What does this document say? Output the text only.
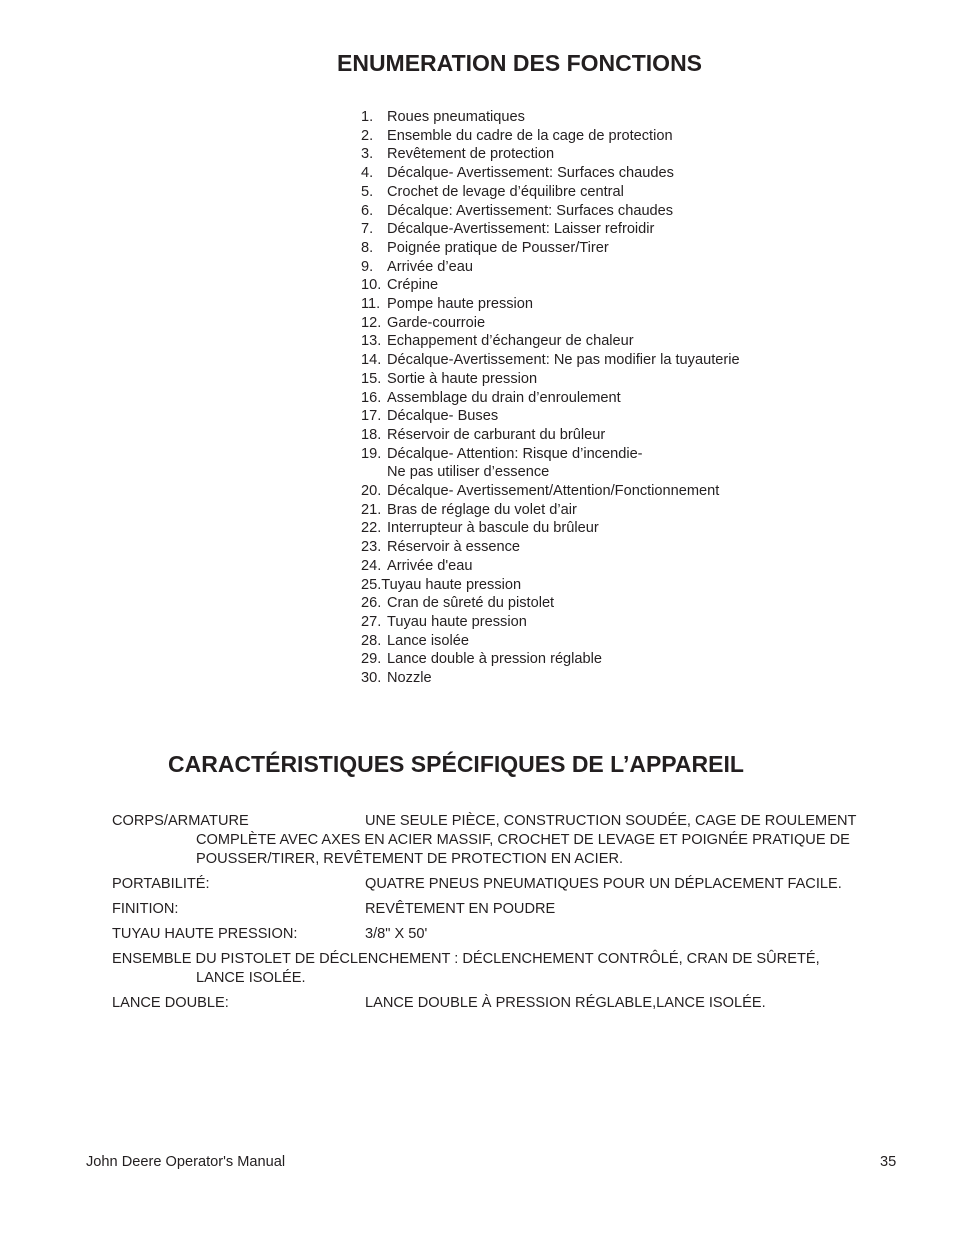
ENUMERATION DES FONCTIONS
1. Roues pneumatiques
2. Ensemble du cadre de la cage de protection
3. Revêtement de protection
4. Décalque- Avertissement: Surfaces chaudes
5. Crochet de levage d’équilibre central
6. Décalque: Avertissement: Surfaces chaudes
7. Décalque-Avertissement: Laisser refroidir
8. Poignée pratique de Pousser/Tirer
9. Arrivée d’eau
10. Crépine
11. Pompe haute pression
12. Garde-courroie
13. Echappement d’échangeur de chaleur
14. Décalque-Avertissement: Ne pas modifier la tuyauterie
15. Sortie à haute pression
16. Assemblage du drain d’enroulement
17. Décalque- Buses
18. Réservoir de carburant du brûleur
19. Décalque- Attention: Risque d’incendie-
Ne pas utiliser d’essence
20. Décalque- Avertissement/Attention/Fonctionnement
21. Bras de réglage du volet d’air
22. Interrupteur à bascule du brûleur
23. Réservoir à essence
24. Arrivée d'eau
25.Tuyau haute pression
26. Cran de sûreté du pistolet
27. Tuyau haute pression
28. Lance isolée
29. Lance double à pression réglable
30. Nozzle
CARACTÉRISTIQUES SPÉCIFIQUES DE L’APPAREIL
CORPS/ARMATURE	UNE SEULE PIÈCE, CONSTRUCTION SOUDÉE, CAGE DE ROULEMENT
COMPLÈTE AVEC AXES EN ACIER MASSIF, CROCHET DE LEVAGE ET POIGNÉE PRATIQUE DE
POUSSER/TIRER, REVÊTEMENT DE PROTECTION EN ACIER.
PORTABILITÉ:	QUATRE PNEUS PNEUMATIQUES POUR UN DÉPLACEMENT FACILE.
FINITION:	REVÊTEMENT EN POUDRE
TUYAU HAUTE PRESSION:	3/8" X 50'
ENSEMBLE DU PISTOLET DE DÉCLENCHEMENT : DÉCLENCHEMENT CONTRÔLÉ, CRAN DE SÛRETÉ,
LANCE ISOLÉE.
LANCE DOUBLE:	LANCE DOUBLE À PRESSION RÉGLABLE,LANCE ISOLÉE.
John Deere Operator's Manual	35
